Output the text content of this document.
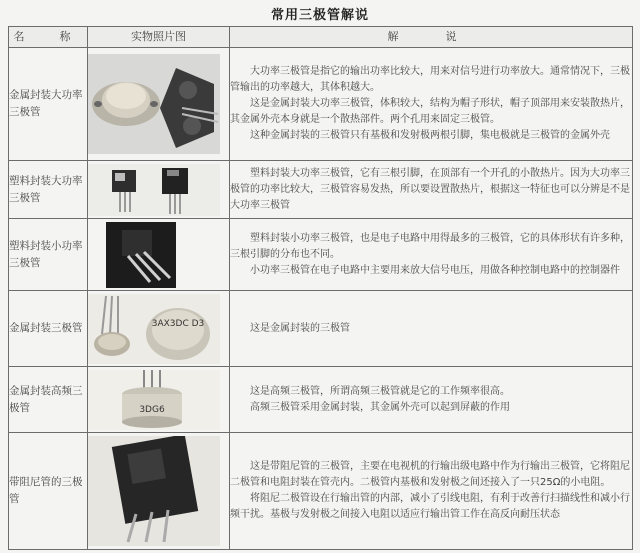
常用三极管解说
名　称	实物照片图	解　说
金属封装大功率三极管		大功率三极管是指它的输出功率比较大，用来对信号进行功率放大。通常情况下，三极管输出的功率越大，其体积越大。

这是金属封装大功率三极管，体积较大，结构为帽子形状，帽子顶部用来安装散热片，其金属外壳本身就是一个散热部件。两个孔用来固定三极管。

这种金属封装的三极管只有基极和发射极两根引脚，集电极就是三极管的金属外壳

塑料封装大功率三极管		塑料封装大功率三极管，它有三根引脚，在顶部有一个开孔的小散热片。因为大功率三极管的功率比较大，三极管容易发热，所以要设置散热片，根据这一特征也可以分辨是不是大功率三极管

塑料封装小功率三极管		塑料封装小功率三极管，也是电子电路中用得最多的三极管，它的具体形状有许多种，三根引脚的分布也不同。

小功率三极管在电子电路中主要用来放大信号电压，用做各种控制电路中的控制器件

金属封装三极管	3AX3DC D3	这是金属封装的三极管

金属封装高频三极管	3DG6	这是高频三极管，所谓高频三极管就是它的工作频率很高。

高频三极管采用金属封装，其金属外壳可以起到屏蔽的作用

带阻尼管的三极管		这是带阻尼管的三极管，主要在电视机的行输出级电路中作为行输出三极管，它将阻尼二极管和电阻封装在管壳内。二极管内基极和发射极之间还接入了一只25Ω的小电阻。

将阻尼二极管设在行输出管的内部，减小了引线电阻，有利于改善行扫描线性和减小行频干扰。基极与发射极之间接入电阻以适应行输出管工作在高反向耐压状态
